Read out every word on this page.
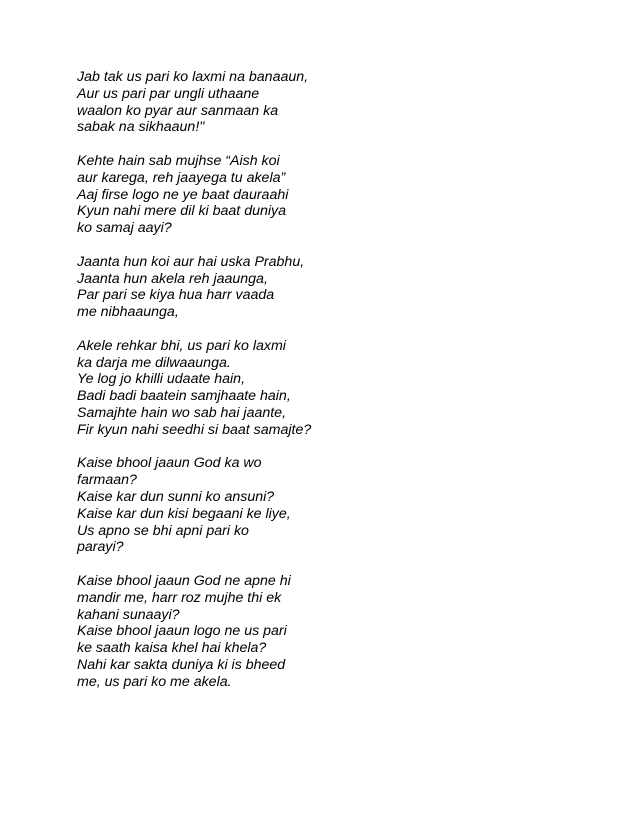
Jab tak us pari ko laxmi na banaaun,
Aur us pari par ungli uthaane
waalon ko pyar aur sanmaan ka
sabak na sikhaaun!"
Kehte hain sab mujhse “Aish koi
aur karega, reh jaayega tu akela”
Aaj firse logo ne ye baat dauraahi
Kyun nahi mere dil ki baat duniya
ko samaj aayi?
Jaanta hun koi aur hai uska Prabhu,
Jaanta hun akela reh jaaunga,
Par pari se kiya hua harr vaada
me nibhaaunga,
Akele rehkar bhi, us pari ko laxmi
ka darja me dilwaaunga.
Ye log jo khilli udaate hain,
Badi badi baatein samjhaate hain,
Samajhte hain wo sab hai jaante,
Fir kyun nahi seedhi si baat samajte?
Kaise bhool jaaun God ka wo
farmaan?
Kaise kar dun sunni ko ansuni?
Kaise kar dun kisi begaani ke liye,
Us apno se bhi apni pari ko
parayi?
Kaise bhool jaaun God ne apne hi
mandir me, harr roz mujhe thi ek
kahani sunaayi?
Kaise bhool jaaun logo ne us pari
ke saath kaisa khel hai khela?
Nahi kar sakta duniya ki is bheed
me, us pari ko me akela.
